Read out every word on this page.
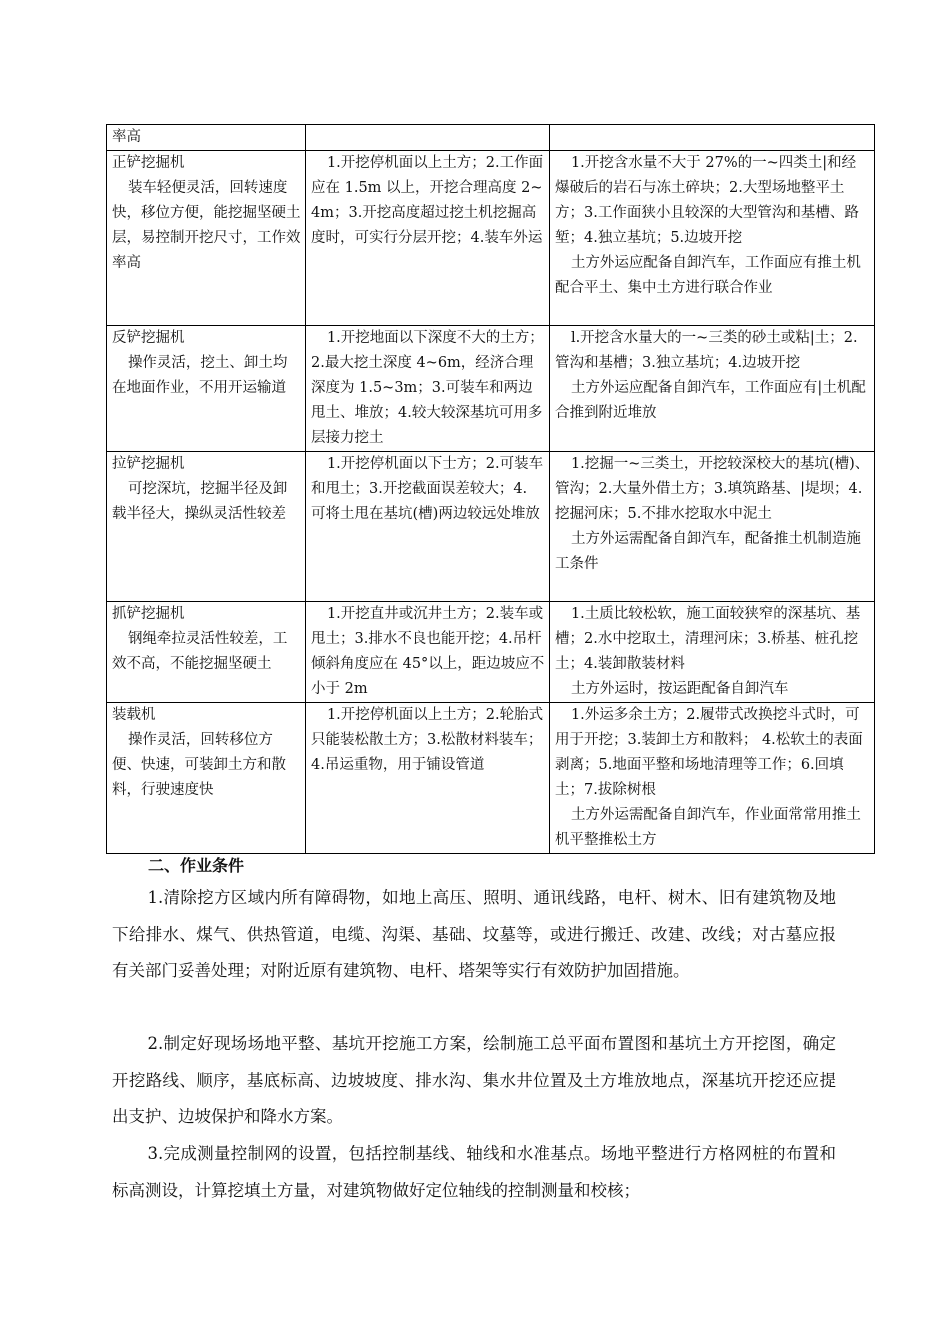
率高		

正铲挖掘机
装车轻便灵活，回转速度快，移位方便，能挖掘坚硬土层，易控制开挖尺寸，工作效率高	1.开挖停机面以上土方；2.工作面应在 1.5m 以上，开挖合理高度 2~4m；3.开挖高度超过挖土机挖掘高度时，可实行分层开挖；4.装车外运	1.开挖含水量不大于 27%的一~四类土|和经爆破后的岩石与冻土碎块；2.大型场地整平土方；3.工作面狭小且较深的大型管沟和基槽、路堑；4.独立基坑；5.边坡开挖
土方外运应配备自卸汽车，工作面应有推土机配合平土、集中土方进行联合作业

反铲挖掘机
操作灵活，挖土、卸土均在地面作业，不用开运输道	1.开挖地面以下深度不大的土方；2.最大挖土深度 4~6m，经济合理深度为 1.5~3m；3.可装车和两边甩土、堆放；4.较大较深基坑可用多层接力挖土	l.开挖含水量大的一~三类的砂土或粘|土；2.管沟和基槽；3.独立基坑；4.边坡开挖
土方外运应配备自卸汽车，工作面应有|土机配合推到附近堆放

拉铲挖掘机
可挖深坑，挖掘半径及卸载半径大，操纵灵活性较差	1.开挖停机面以下士方；2.可装车和甩土；3.开挖截面误差较大；4. 可将土甩在基坑(槽)两边较远处堆放	1.挖掘一~三类土，开挖较深校大的基坑(槽)、管沟；2.大量外借土方；3.填筑路基、|堤坝；4.挖掘河床；5.不排水挖取水中泥土
土方外运需配备自卸汽车，配备推土机制造施工条件

抓铲挖掘机
钢绳牵拉灵活性较差，工效不高，不能挖掘坚硬土	1.开挖直井或沉井土方；2.装车或甩土；3.排水不良也能开挖；4.吊杆倾斜角度应在 45°以上，距边坡应不小于 2m	1.土质比较松软，施工面较狭窄的深基坑、基槽；2.水中挖取土，清理河床；3.桥基、桩孔挖土；4.装卸散装材料
土方外运时，按运距配备自卸汽车

装载机
操作灵活，回转移位方便、快速，可装卸土方和散料，行驶速度快	1.开挖停机面以上土方；2.轮胎式只能装松散土方；3.松散材料装车；4.吊运重物，用于铺设管道	1.外运多余土方；2.履带式改换挖斗式时，可用于开挖；3.装卸土方和散料； 4.松软土的表面剥离；5.地面平整和场地清理等工作；6.回填土；7.拔除树根
土方外运需配备自卸汽车，作业面常常用推土机平整推松土方
二、作业条件

1.清除挖方区域内所有障碍物，如地上高压、照明、通讯线路，电杆、树木、旧有建筑物及地下给排水、煤气、供热管道，电缆、沟渠、基础、坟墓等，或进行搬迁、改建、改线；对古墓应报有关部门妥善处理；对附近原有建筑物、电杆、塔架等实行有效防护加固措施。

2.制定好现场场地平整、基坑开挖施工方案，绘制施工总平面布置图和基坑土方开挖图，确定开挖路线、顺序，基底标高、边坡坡度、排水沟、集水井位置及土方堆放地点，深基坑开挖还应提出支护、边坡保护和降水方案。

3.完成测量控制网的设置，包括控制基线、轴线和水准基点。场地平整进行方格网桩的布置和标高测设，计算挖填土方量，对建筑物做好定位轴线的控制测量和校核；
